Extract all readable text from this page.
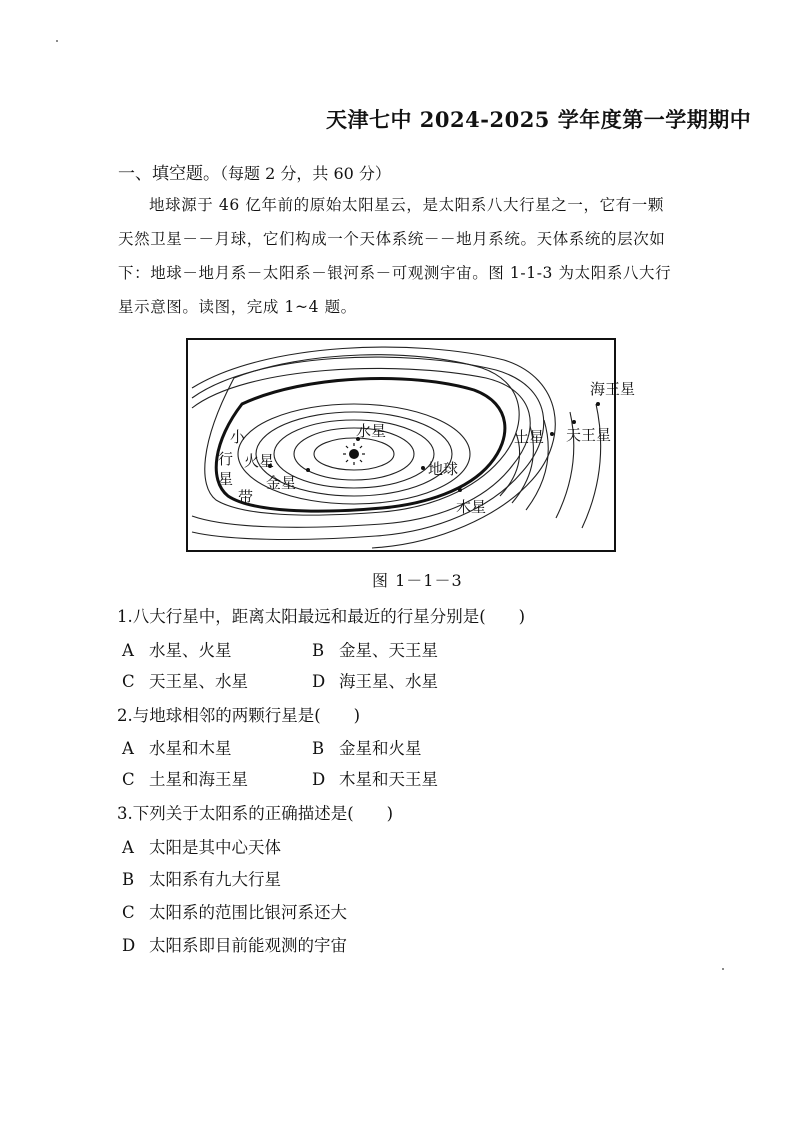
天津七中 2024-2025 学年度第一学期期中
一、填空题。（每题 2 分，共 60 分）

地球源于 46 亿年前的原始太阳星云，是太阳系八大行星之一，它有一颗

天然卫星－－月球，它们构成一个天体系统－－地月系统。天体系统的层次如

下：地球－地月系－太阳系－银河系－可观测宇宙。图 1-1-3 为太阳系八大行

星示意图。读图，完成 1~4 题。

水星
金星
地球
火星
木星
土星 天王星
海王星
小
行
星
带
图 1－1－3
1.八大行星中，距离太阳最远和最近的行星分别是(　　)
A 水星、火星	B 金星、天王星
C 天王星、水星	D 海王星、水星
2.与地球相邻的两颗行星是(　　)
A 水星和木星	B 金星和火星
C 土星和海王星	D 木星和天王星
3.下列关于太阳系的正确描述是(　　)
A 太阳是其中心天体
B 太阳系有九大行星
C 太阳系的范围比银河系还大
D 太阳系即目前能观测的宇宙
